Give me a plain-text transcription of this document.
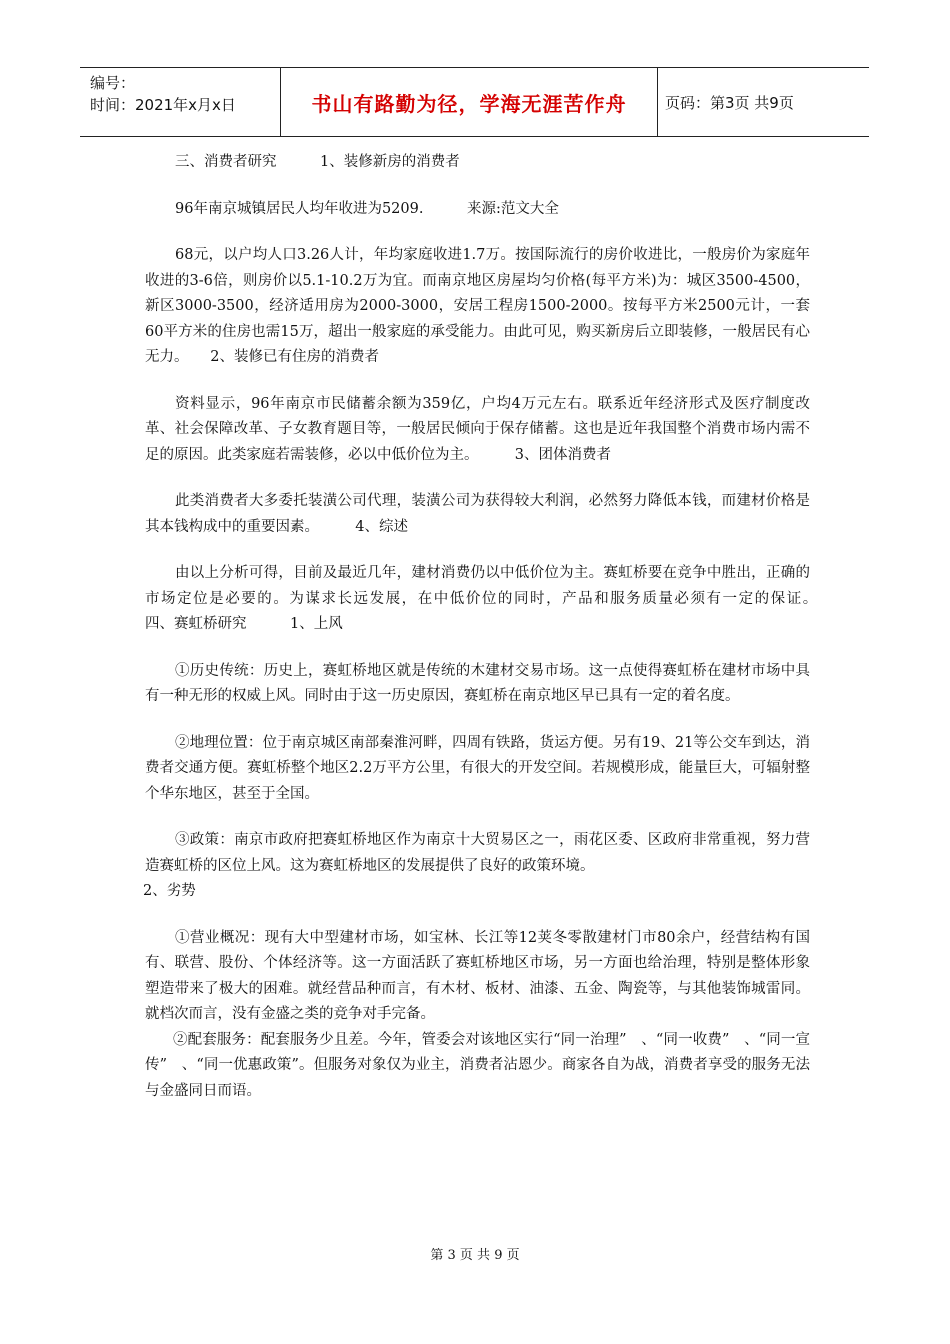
编号：
时间：2021年x月x日	书山有路勤为径，学海无涯苦作舟	页码：第3页 共9页

三、消费者研究　　　1、装修新房的消费者

96年南京城镇居民人均年收进为5209.　　　来源:范文大全

68元，以户均人口3.26人计，年均家庭收进1.7万。按国际流行的房价收进比，一般房价为家庭年收进的3-6倍，则房价以5.1-10.2万为宜。而南京地区房屋均匀价格(每平方米)为：城区3500-4500，新区3000-3500，经济适用房为2000-3000，安居工程房1500-2000。按每平方米2500元计，一套60平方米的住房也需15万，超出一般家庭的承受能力。由此可见，购买新房后立即装修，一般居民有心无力。　　2、装修已有住房的消费者

资料显示，96年南京市民储蓄余额为359亿，户均4万元左右。联系近年经济形式及医疗制度改革、社会保障改革、子女教育题目等，一般居民倾向于保存储蓄。这也是近年我国整个消费市场内需不足的原因。此类家庭若需装修，必以中低价位为主。　　　3、团体消费者

此类消费者大多委托装潢公司代理，装潢公司为获得较大利润，必然努力降低本钱，而建材价格是其本钱构成中的重要因素。　　　4、综述

由以上分析可得，目前及最近几年，建材消费仍以中低价位为主。赛虹桥要在竞争中胜出，正确的市场定位是必要的。为谋求长远发展，在中低价位的同时，产品和服务质量必须有一定的保证。　　　四、赛虹桥研究　　　1、上风

①历史传统：历史上，赛虹桥地区就是传统的木建材交易市场。这一点使得赛虹桥在建材市场中具有一种无形的权威上风。同时由于这一历史原因，赛虹桥在南京地区早已具有一定的着名度。

②地理位置：位于南京城区南部秦淮河畔，四周有铁路，货运方便。另有19、21等公交车到达，消费者交通方便。赛虹桥整个地区2.2万平方公里，有很大的开发空间。若规模形成，能量巨大，可辐射整个华东地区，甚至于全国。

③政策：南京市政府把赛虹桥地区作为南京十大贸易区之一，雨花区委、区政府非常重视，努力营造赛虹桥的区位上风。这为赛虹桥地区的发展提供了良好的政策环境。

2、劣势

①营业概况：现有大中型建材市场，如宝林、长江等12荚冬零散建材门市80余户，经营结构有国有、联营、股份、个体经济等。这一方面活跃了赛虹桥地区市场，另一方面也给治理，特别是整体形象塑造带来了极大的困难。就经营品种而言，有木材、板材、油漆、五金、陶瓷等，与其他装饰城雷同。就档次而言，没有金盛之类的竞争对手完备。

②配套服务：配套服务少且差。今年，管委会对该地区实行“同一治理”　、“同一收费”　、“同一宣传”　、“同一优惠政策”。但服务对象仅为业主，消费者沾恩少。商家各自为战，消费者享受的服务无法与金盛同日而语。

第 3 页 共 9 页
